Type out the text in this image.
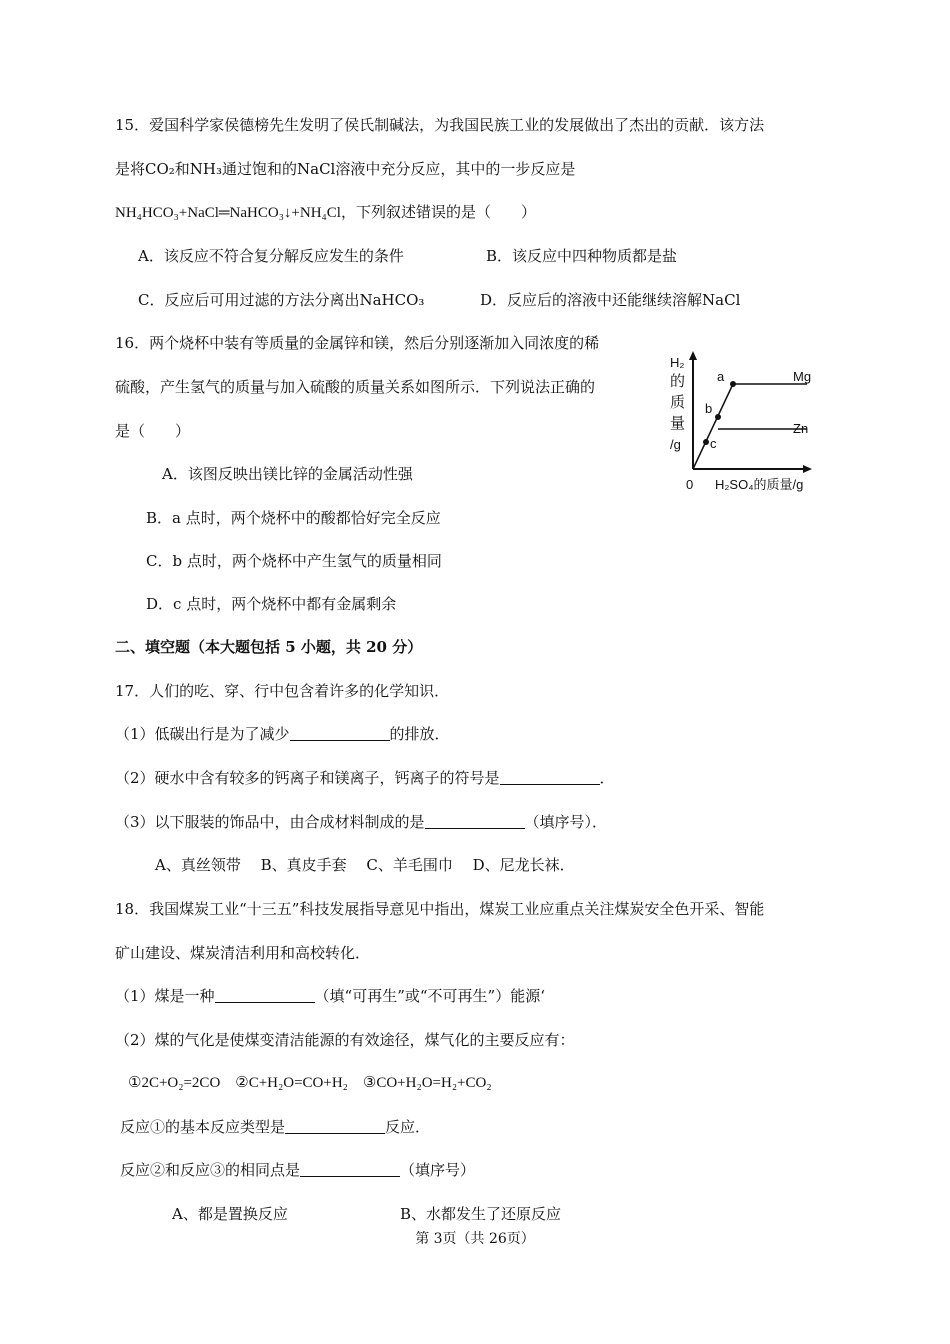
15．爱国科学家侯德榜先生发明了侯氏制碱法，为我国民族工业的发展做出了杰出的贡献．该方法
是将CO₂和NH₃通过饱和的NaCl溶液中充分反应，其中的一步反应是
NH₄HCO₃+NaCl═NaHCO₃↓+NH₄Cl，下列叙述错误的是（　　）
A．该反应不符合复分解反应发生的条件	B．该反应中四种物质都是盐
C．反应后可用过滤的方法分离出NaHCO₃	D．反应后的溶液中还能继续溶解NaCl
16．两个烧杯中装有等质量的金属锌和镁，然后分别逐渐加入同浓度的稀
硫酸，产生氢气的质量与加入硫酸的质量关系如图所示．下列说法正确的
是（　　）
A．该图反映出镁比锌的金属活动性强
B．a 点时，两个烧杯中的酸都恰好完全反应
C．b 点时，两个烧杯中产生氢气的质量相同
D．c 点时，两个烧杯中都有金属剩余
H₂
的
质
量
/g
0 H₂SO₄的质量/g
a
b
c
Mg
Zn
二、填空题（本大题包括 5 小题，共 20 分）
17．人们的吃、穿、行中包含着许多的化学知识．
（1）低碳出行是为了减少	的排放．
（2）硬水中含有较多的钙离子和镁离子，钙离子的符号是	．
（3）以下服装的饰品中，由合成材料制成的是	（填序号）．
A、真丝领带　 B、真皮手套　 C、羊毛围巾　 D、尼龙长袜．
18．我国煤炭工业“十三五”科技发展指导意见中指出，煤炭工业应重点关注煤炭安全色开采、智能
矿山建设、煤炭清洁利用和高校转化．
（1）煤是一种	（填“可再生”或“不可再生”）能源‘
（2）煤的气化是使煤变清洁能源的有效途径，煤气化的主要反应有：
①2C+O₂=2CO　②C+H₂O=CO+H₂　③CO+H₂O=H₂+CO₂
反应①的基本反应类型是	反应．
反应②和反应③的相同点是	（填序号）
A、都是置换反应	B、水都发生了还原反应
第 3页（共 26页）
